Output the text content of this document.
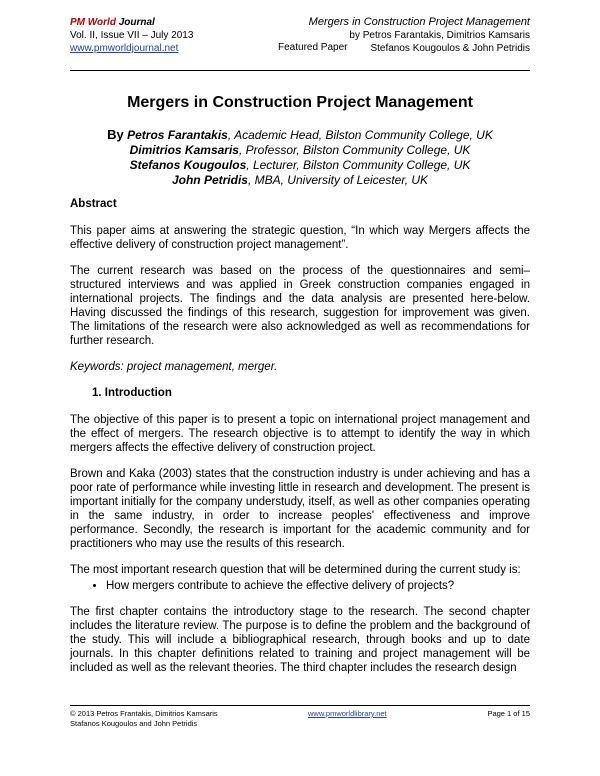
PM World Journal
Vol. II, Issue VII – July 2013
www.pmworldjournal.net
Mergers in Construction Project Management
by Petros Farantakis, Dimitrios Kamsaris
Stefanos Kougoulos & John Petridis
Featured Paper
Mergers in Construction Project Management
By Petros Farantakis, Academic Head, Bilston Community College, UK
Dimitrios Kamsaris, Professor, Bilston Community College, UK
Stefanos Kougoulos, Lecturer, Bilston Community College, UK
John Petridis, MBA, University of Leicester, UK

Abstract

This paper aims at answering the strategic question, “In which way Mergers affects the effective delivery of construction project management”.

The current research was based on the process of the questionnaires and semi–structured interviews and was applied in Greek construction companies engaged in international projects. The findings and the data analysis are presented here-below. Having discussed the findings of this research, suggestion for improvement was given. The limitations of the research were also acknowledged as well as recommendations for further research.

Keywords: project management, merger.

1. Introduction

The objective of this paper is to present a topic on international project management and the effect of mergers. The research objective is to attempt to identify the way in which mergers affects the effective delivery of construction project.

Brown and Kaka (2003) states that the construction industry is under achieving and has a poor rate of performance while investing little in research and development. The present is important initially for the company understudy, itself, as well as other companies operating in the same industry, in order to increase peoples' effectiveness and improve performance. Secondly, the research is important for the academic community and for practitioners who may use the results of this research.

The most important research question that will be determined during the current study is:

• How mergers contribute to achieve the effective delivery of projects?

The first chapter contains the introductory stage to the research. The second chapter includes the literature review. The purpose is to define the problem and the background of the study. This will include a bibliographical research, through books and up to date journals. In this chapter definitions related to training and project management will be included as well as the relevant theories. The third chapter includes the research design

© 2013 Petros Frantakis, Dimitrios Kamsaris
Stafanos Kougoulos and John Petridis
www.pmworldlibrary.net	Page 1 of 15
